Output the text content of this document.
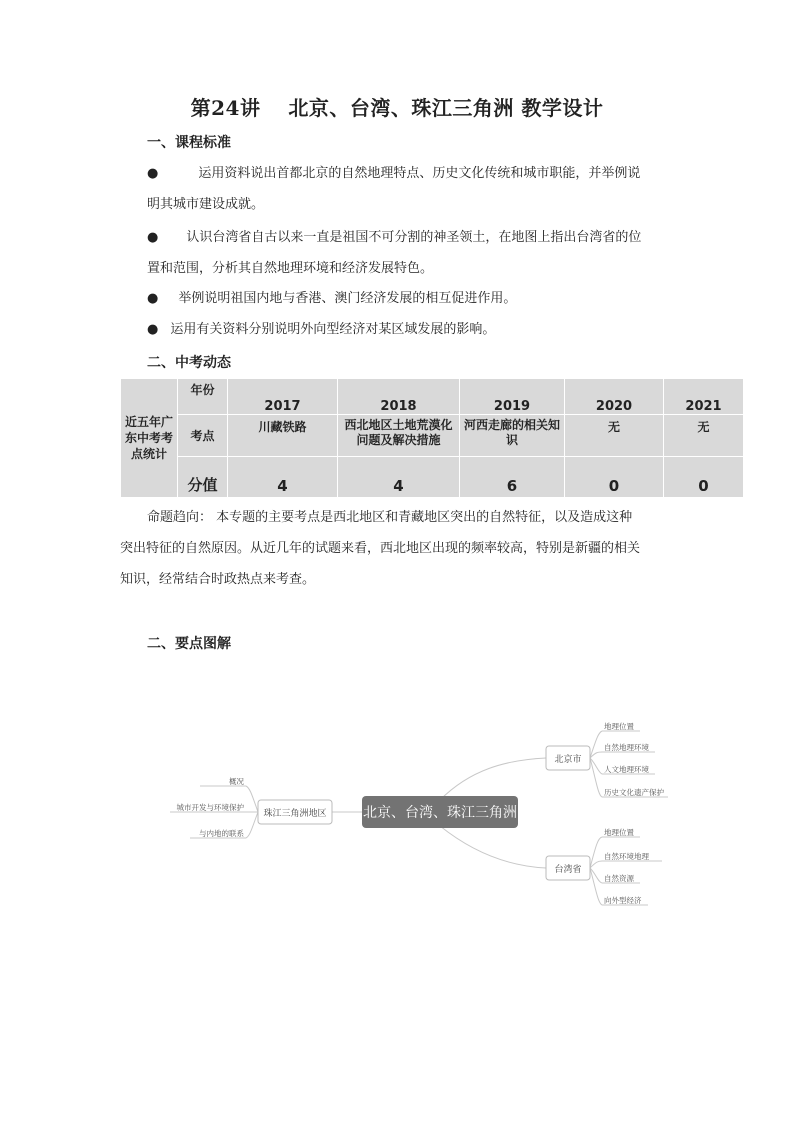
第24讲　 北京、台湾、珠江三角洲 教学设计
一、课程标准
●	运用资料说出首都北京的自然地理特点、历史文化传统和城市职能，并举例说
明其城市建设成就。
● 认识台湾省自古以来一直是祖国不可分割的神圣领土，在地图上指出台湾省的位
置和范围，分析其自然地理环境和经济发展特色。
● 举例说明祖国内地与香港、澳门经济发展的相互促进作用。
● 运用有关资料分别说明外向型经济对某区域发展的影响。
二、中考动态
近五年广东中考考点统计	年份	2017	2018	2019	2020	2021
	考点	川藏铁路	西北地区土地荒漠化问题及解决措施	河西走廊的相关知识	无	无
	分值	4	4	6	0	0
命题趋向： 本专题的主要考点是西北地区和青藏地区突出的自然特征，以及造成这种
突出特征的自然原因。从近几年的试题来看，西北地区出现的频率较高，特别是新疆的相关
知识，经常结合时政热点来考查。
二、要点图解
北京、台湾、珠江三角洲
北京市
地理位置
自然地理环境
人文地理环境
历史文化遗产保护
台湾省
地理位置
自然环境地理
自然资源
向外型经济
珠江三角洲地区
概况
城市开发与环境保护
与内地的联系
